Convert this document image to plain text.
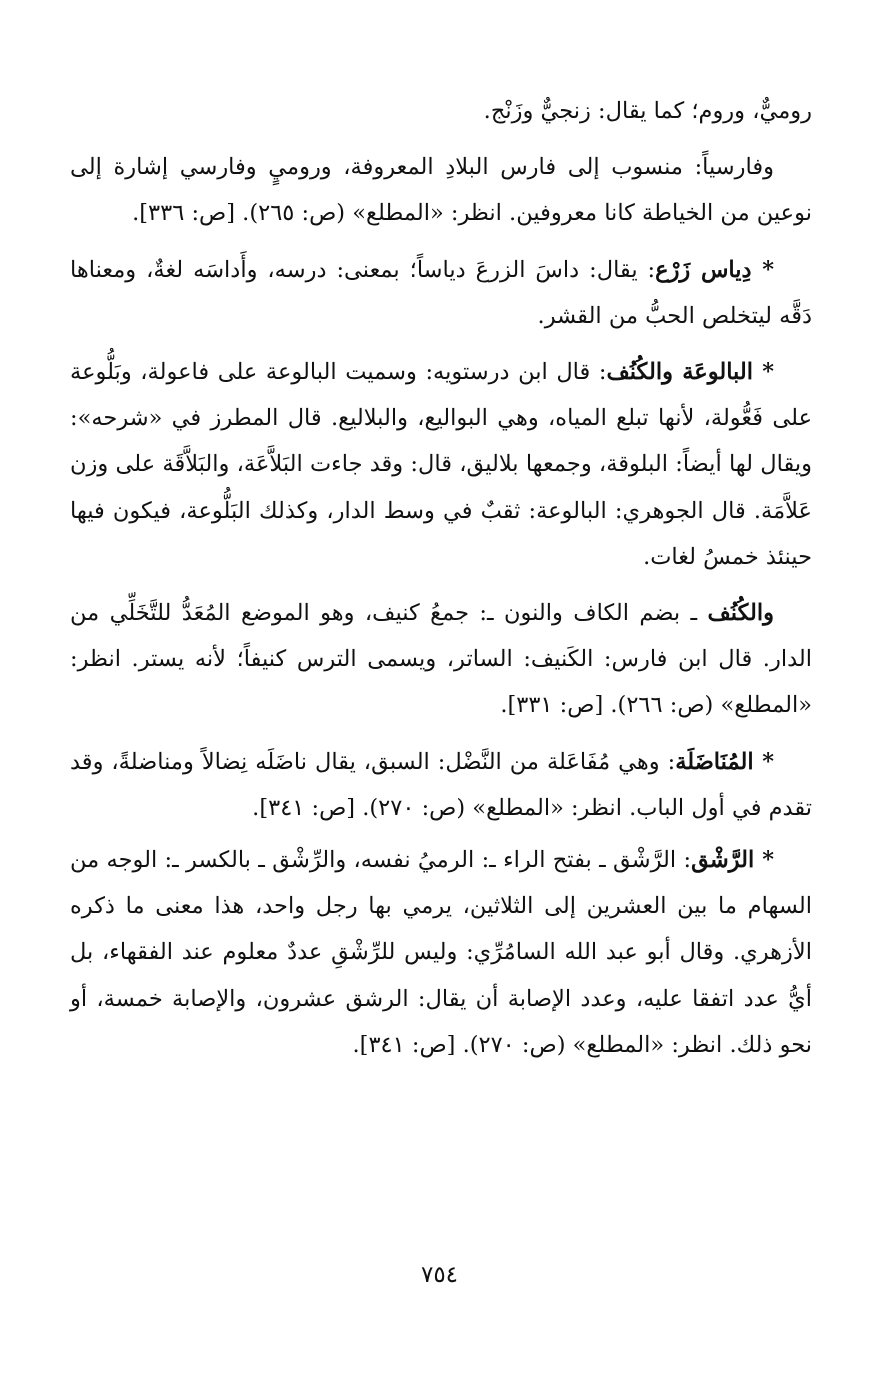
روميٌّ، وروم؛ كما يقال: زنجيٌّ وزَنْج.

وفارسياً: منسوب إلى فارس البلادِ المعروفة، وروميٍ وفارسي إشارة إلى نوعين من الخياطة كانا معروفين. انظر: «المطلع» (ص: ٢٦٥). [ص: ٣٣٦].

* دِياس زَرْع: يقال: داسَ الزرعَ دياساً؛ بمعنى: درسه، وأَداسَه لغةٌ، ومعناها دَقَّه ليتخلص الحبُّ من القشر.

* البالوعَة والكُنُف: قال ابن درستويه: وسميت البالوعة على فاعولة، وبَلُّوعة على فَعُّولة، لأنها تبلع المياه، وهي البواليع، والبلاليع. قال المطرز في «شرحه»: ويقال لها أيضاً: البلوقة، وجمعها بلاليق، قال: وقد جاءت البَلاَّعَة، والبَلاَّقَة على وزن عَلاَّمَة. قال الجوهري: البالوعة: ثقبٌ في وسط الدار، وكذلك البَلُّوعة، فيكون فيها حينئذ خمسُ لغات.

والكُنُف ـ بضم الكاف والنون ـ: جمعُ كنيف، وهو الموضع المُعَدُّ للتَّخَلِّي من الدار. قال ابن فارس: الكَنيف: الساتر، ويسمى الترس كنيفاً؛ لأنه يستر. انظر: «المطلع» (ص: ٢٦٦). [ص: ٣٣١].

* المُنَاضَلَة: وهي مُفَاعَلة من النَّضْل: السبق، يقال ناضَلَه نِضالاً ومناضلةً، وقد تقدم في أول الباب. انظر: «المطلع» (ص: ٢٧٠). [ص: ٣٤١].

* الرَّشْق: الرَّشْق ـ بفتح الراء ـ: الرميُ نفسه، والرِّشْق ـ بالكسر ـ: الوجه من السهام ما بين العشرين إلى الثلاثين، يرمي بها رجل واحد، هذا معنى ما ذكره الأزهري. وقال أبو عبد الله السامُرِّي: وليس للرِّشْقِ عددٌ معلوم عند الفقهاء، بل أيُّ عدد اتفقا عليه، وعدد الإصابة أن يقال: الرشق عشرون، والإصابة خمسة، أو نحو ذلك. انظر: «المطلع» (ص: ٢٧٠). [ص: ٣٤١].

٧٥٤
